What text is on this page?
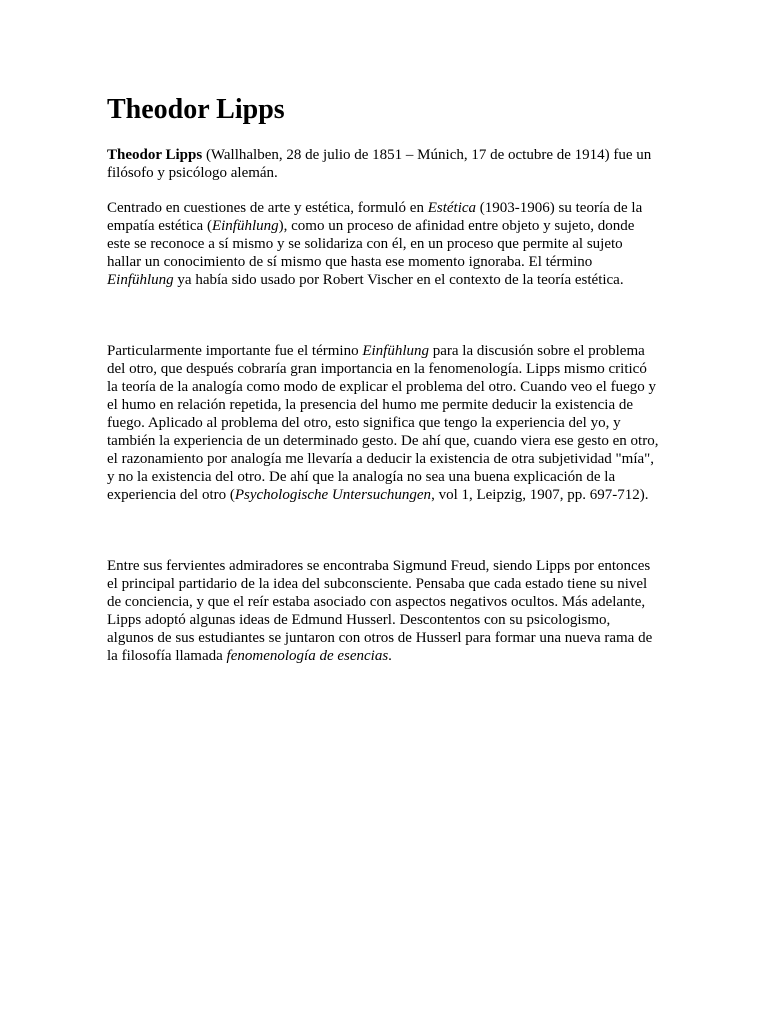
Theodor Lipps

Theodor Lipps (Wallhalben, 28 de julio de 1851 – Múnich, 17 de octubre de 1914) fue un
filósofo y psicólogo alemán.

Centrado en cuestiones de arte y estética, formuló en Estética (1903-1906) su teoría de la
empatía estética (Einfühlung), como un proceso de afinidad entre objeto y sujeto, donde
este se reconoce a sí mismo y se solidariza con él, en un proceso que permite al sujeto
hallar un conocimiento de sí mismo que hasta ese momento ignoraba. El término
Einfühlung ya había sido usado por Robert Vischer en el contexto de la teoría estética.

Particularmente importante fue el término Einfühlung para la discusión sobre el problema
del otro, que después cobraría gran importancia en la fenomenología. Lipps mismo criticó
la teoría de la analogía como modo de explicar el problema del otro. Cuando veo el fuego y
el humo en relación repetida, la presencia del humo me permite deducir la existencia de
fuego. Aplicado al problema del otro, esto significa que tengo la experiencia del yo, y
también la experiencia de un determinado gesto. De ahí que, cuando viera ese gesto en otro,
el razonamiento por analogía me llevaría a deducir la existencia de otra subjetividad "mía",
y no la existencia del otro. De ahí que la analogía no sea una buena explicación de la
experiencia del otro (Psychologische Untersuchungen, vol 1, Leipzig, 1907, pp. 697-712).

Entre sus fervientes admiradores se encontraba Sigmund Freud, siendo Lipps por entonces
el principal partidario de la idea del subconsciente. Pensaba que cada estado tiene su nivel
de conciencia, y que el reír estaba asociado con aspectos negativos ocultos. Más adelante,
Lipps adoptó algunas ideas de Edmund Husserl. Descontentos con su psicologismo,
algunos de sus estudiantes se juntaron con otros de Husserl para formar una nueva rama de
la filosofía llamada fenomenología de esencias.
